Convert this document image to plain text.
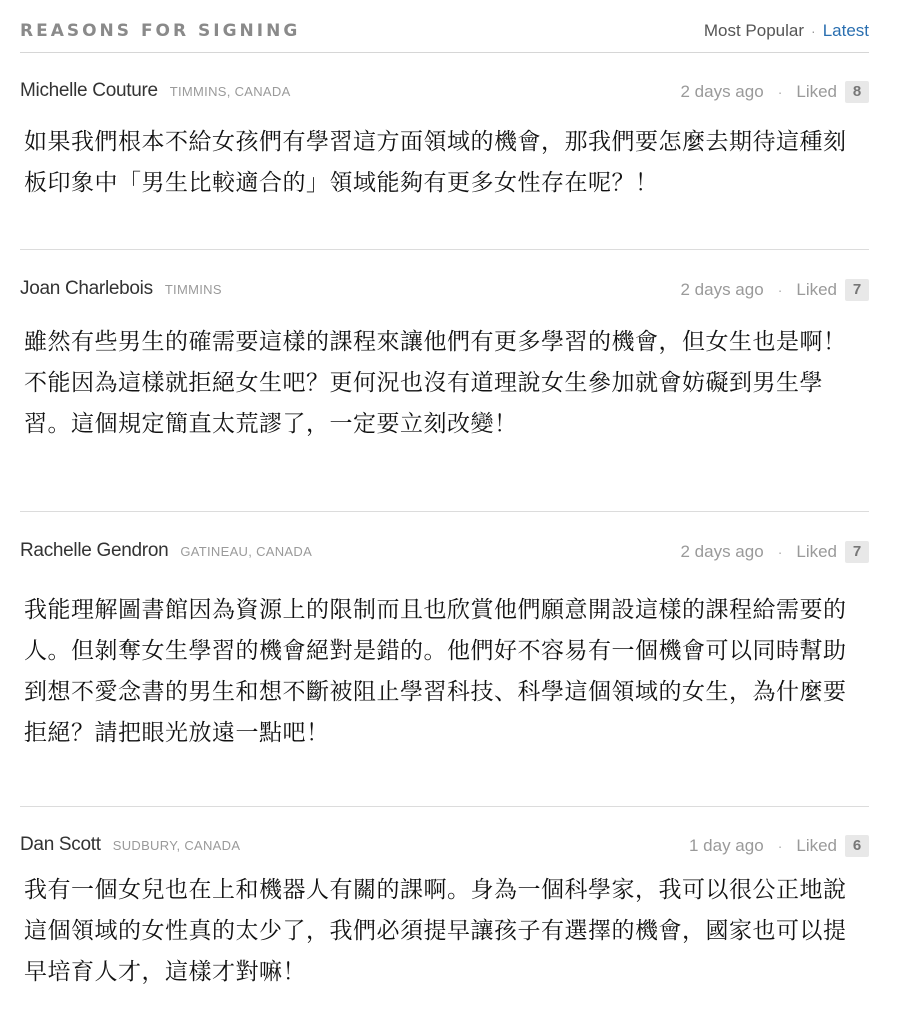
REASONS FOR SIGNING	Most Popular · Latest
Michelle Couture TIMMINS, CANADA	2 days ago · Liked	8
如果我們根本不給女孩們有學習這方面領域的機會，那我們要怎麼去期待這種刻板印象中「男生比較適合的」領域能夠有更多女性存在呢？！
Joan Charlebois TIMMINS	2 days ago · Liked	7
雖然有些男生的確需要這樣的課程來讓他們有更多學習的機會，但女生也是啊！不能因為這樣就拒絕女生吧？更何況也沒有道理說女生參加就會妨礙到男生學習。這個規定簡直太荒謬了，一定要立刻改變！
Rachelle Gendron GATINEAU, CANADA	2 days ago · Liked	7
我能理解圖書館因為資源上的限制而且也欣賞他們願意開設這樣的課程給需要的人。但剝奪女生學習的機會絕對是錯的。他們好不容易有一個機會可以同時幫助到想不愛念書的男生和想不斷被阻止學習科技、科學這個領域的女生，為什麼要拒絕？請把眼光放遠一點吧！
Dan Scott SUDBURY, CANADA	1 day ago · Liked	6
我有一個女兒也在上和機器人有關的課啊。身為一個科學家，我可以很公正地說這個領域的女性真的太少了，我們必須提早讓孩子有選擇的機會，國家也可以提早培育人才，這樣才對嘛！
